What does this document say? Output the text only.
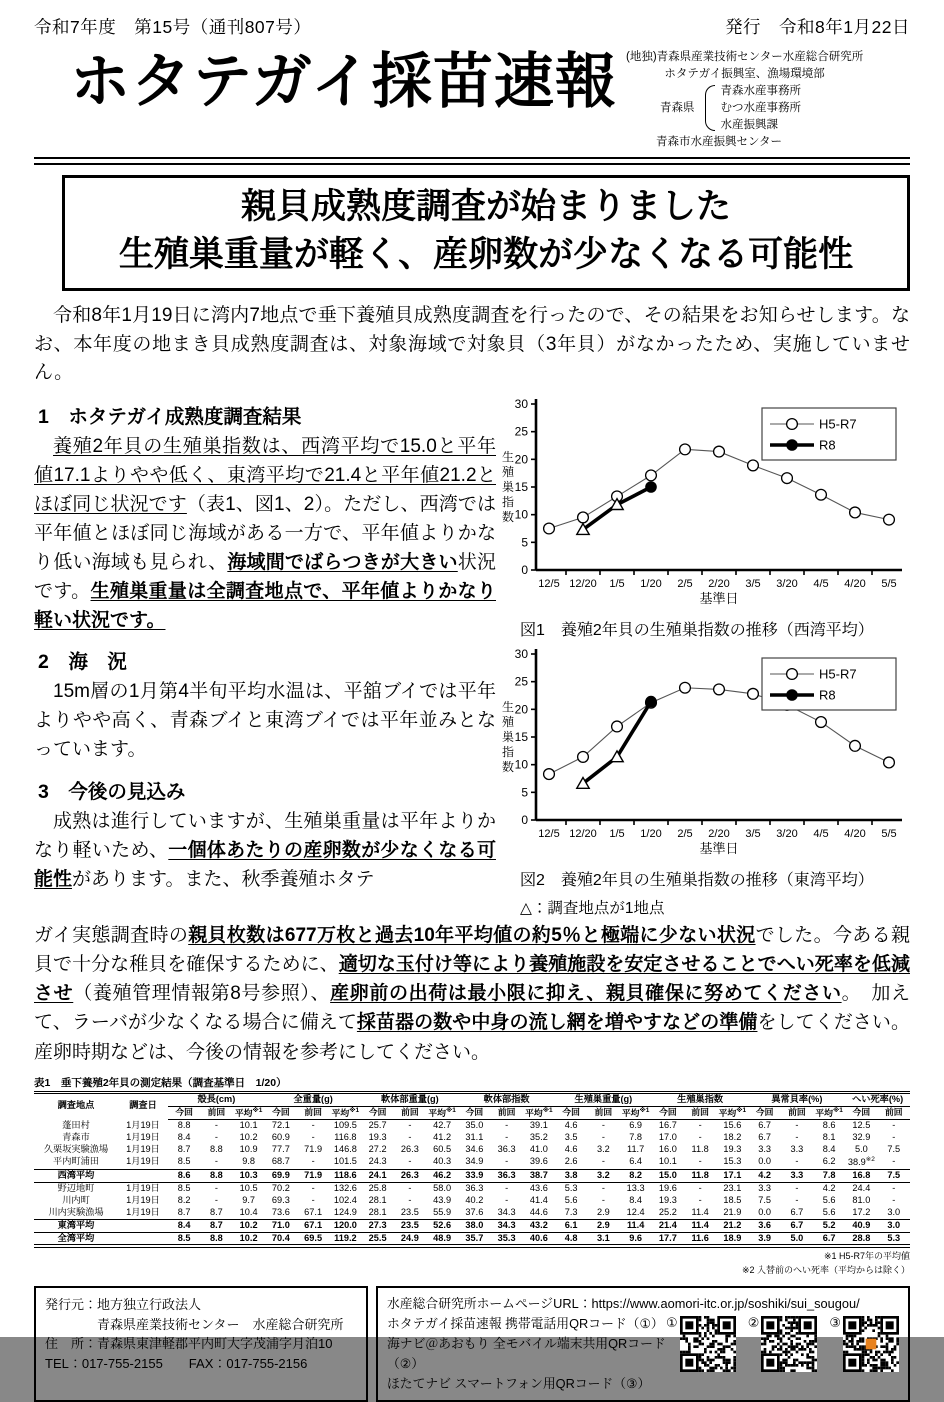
令和7年度　第15号（通刊807号）	発行　令和8年1月22日
ホタテガイ採苗速報 (地独)青森県産業技術センター水産総合研究所
ホタテガイ振興室、漁場環境部
青森県
青森水産事務所
むつ水産事務所
水産振興課
青森市水産振興センター
親貝成熟度調査が始まりました
生殖巣重量が軽く、産卵数が少なくなる可能性
令和8年1月19日に湾内7地点で垂下養殖貝成熟度調査を行ったので、その結果をお知らせします。なお、本年度の地まき貝成熟度調査は、対象海域で対象貝（3年貝）がなかったため、実施していません。
1　ホタテガイ成熟度調査結果
養殖2年貝の生殖巣指数は、西湾平均で15.0と平年値17.1よりやや低く、東湾平均で21.4と平年値21.2とほぼ同じ状況です（表1、図1、2）。ただし、西湾では平年値とほぼ同じ海域がある一方で、平年値よりかなり低い海域も見られ、海域間でばらつきが大きい状況です。生殖巣重量は全調査地点で、平年値よりかなり軽い状況です。
2　海　況
15m層の1月第4半旬平均水温は、平舘ブイでは平年よりやや高く、青森ブイと東湾ブイでは平年並みとなっています。
3　今後の見込み
成熟は進行していますが、生殖巣重量は平年よりかなり軽いため、一個体あたりの産卵数が少なくなる可能性があります。また、秋季養殖ホタテ
0
5
10
15
20
25
30
12/5 12/20 1/5 1/20 2/5 2/20 3/5 3/20 4/5 4/20 5/5
基準日
生
殖
巣
指
数
H5-R7
R8
図1　養殖2年貝の生殖巣指数の推移（西湾平均）
0
5
10
15
20
25
30
12/5 12/20 1/5 1/20 2/5 2/20 3/5 3/20 4/5 4/20 5/5
基準日
生
殖
巣
指
数
H5-R7
R8
図2　養殖2年貝の生殖巣指数の推移（東湾平均）
△：調査地点が1地点
ガイ実態調査時の親貝枚数は677万枚と過去10年平均値の約5％と極端に少ない状況でした。今ある親貝で十分な稚貝を確保するために、適切な玉付け等により養殖施設を安定させることでへい死率を低減させ（養殖管理情報第8号参照）、産卵前の出荷は最小限に抑え、親貝確保に努めてください。　加えて、ラーバが少なくなる場合に備えて採苗器の数や中身の流し網を増やすなどの準備をしてください。産卵時期などは、今後の情報を参考にしてください。
表1　垂下養殖2年貝の測定結果（調査基準日　1/20）
調査地点	調査日	殻長(cm)			全重量(g)			軟体部重量(g)			軟体部指数			生殖巣重量(g)			生殖巣指数			異常貝率(%)			へい死率(%)	
		今回	前回	平均$^{※1}$	今回	前回	平均$^{※1}$	今回	前回	平均$^{※1}$	今回	前回	平均$^{※1}$	今回	前回	平均$^{※1}$	今回	前回	平均$^{※1}$	今回	前回	平均$^{※1}$	今回	前回
蓬田村	1月19日	8.8	-	10.1	72.1	-	109.5	25.7	-	42.7	35.0	-	39.1	4.6	-	6.9	16.7	-	15.6	6.7	-	8.6	12.5	-
青森市	1月19日	8.4	-	10.2	60.9	-	116.8	19.3	-	41.2	31.1	-	35.2	3.5	-	7.8	17.0	-	18.2	6.7	-	8.1	32.9	-
久栗坂実験漁場	1月19日	8.7	8.8	10.9	77.7	71.9	146.8	27.2	26.3	60.5	34.6	36.3	41.0	4.6	3.2	11.7	16.0	11.8	19.3	3.3	3.3	8.4	5.0	7.5
平内町浦田	1月19日	8.5	-	9.8	68.7	-	101.5	24.3	-	40.3	34.9	-	39.6	2.6	-	6.4	10.1	-	15.3	0.0	-	6.2	38.9$^{※2}$	-
西湾平均		8.6	8.8	10.3	69.9	71.9	118.6	24.1	26.3	46.2	33.9	36.3	38.7	3.8	3.2	8.2	15.0	11.8	17.1	4.2	3.3	7.8	16.8	7.5
野辺地町	1月19日	8.5	-	10.5	70.2	-	132.6	25.8	-	58.0	36.3	-	43.6	5.3	-	13.3	19.6	-	23.1	3.3	-	4.2	24.4	-
川内町	1月19日	8.2	-	9.7	69.3	-	102.4	28.1	-	43.9	40.2	-	41.4	5.6	-	8.4	19.3	-	18.5	7.5	-	5.6	81.0	-
川内実験漁場	1月19日	8.7	8.7	10.4	73.6	67.1	124.9	28.1	23.5	55.9	37.6	34.3	44.6	7.3	2.9	12.4	25.2	11.4	21.9	0.0	6.7	5.6	17.2	3.0
東湾平均		8.4	8.7	10.2	71.0	67.1	120.0	27.3	23.5	52.6	38.0	34.3	43.2	6.1	2.9	11.4	21.4	11.4	21.2	3.6	6.7	5.2	40.9	3.0
全湾平均		8.5	8.8	10.2	70.4	69.5	119.2	25.5	24.9	48.9	35.7	35.3	40.6	4.8	3.1	9.6	17.7	11.6	18.9	3.9	5.0	6.7	28.8	5.3
※1 H5-R7年の平均値
※2 入替前のへい死率（平均からは除く）
発行元：地方独立行政法人
　　　　青森県産業技術センター　水産総合研究所
住　所：青森県東津軽郡平内町大字茂浦字月泊10
TEL：017-755-2155　　FAX：017-755-2156
水産総合研究所ホームページURL：https://www.aomori-itc.or.jp/soshiki/sui_sougou/
ホタテガイ採苗速報 携帯電話用QRコード（①）
海ナビ＠あおもり 全モバイル端末共用QRコード（②）
ほたてナビ スマートフォン用QRコード（③）
①	②	③
